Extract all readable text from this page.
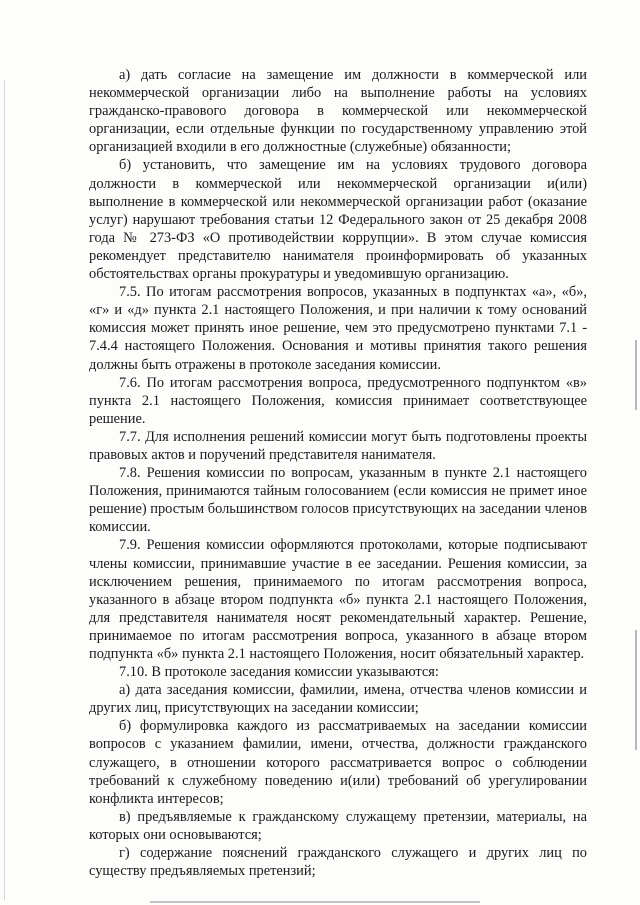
а) дать согласие на замещение им должности в коммерческой или некоммерческой организации либо на выполнение работы на условиях гражданско-правового договора в коммерческой или некоммерческой организации, если отдельные функции по государственному управлению этой организацией входили в его должностные (служебные) обязанности;

б) установить, что замещение им на условиях трудового договора должности в коммерческой или некоммерческой организации и(или) выполнение в коммерческой или некоммерческой организации работ (оказание услуг) нарушают требования статьи 12 Федерального закон от 25 декабря 2008 года № 273-ФЗ «О противодействии коррупции». В этом случае комиссия рекомендует представителю нанимателя проинформировать об указанных обстоятельствах органы прокуратуры и уведомившую организацию.

7.5. По итогам рассмотрения вопросов, указанных в подпунктах «а», «б», «г» и «д» пункта 2.1 настоящего Положения, и при наличии к тому оснований комиссия может принять иное решение, чем это предусмотрено пунктами 7.1 - 7.4.4 настоящего Положения. Основания и мотивы принятия такого решения должны быть отражены в протоколе заседания комиссии.

7.6. По итогам рассмотрения вопроса, предусмотренного подпунктом «в» пункта 2.1 настоящего Положения, комиссия принимает соответствующее решение.

7.7. Для исполнения решений комиссии могут быть подготовлены проекты правовых актов и поручений представителя нанимателя.

7.8. Решения комиссии по вопросам, указанным в пункте 2.1 настоящего Положения, принимаются тайным голосованием (если комиссия не примет иное решение) простым большинством голосов присутствующих на заседании членов комиссии.

7.9. Решения комиссии оформляются протоколами, которые подписывают члены комиссии, принимавшие участие в ее заседании. Решения комиссии, за исключением решения, принимаемого по итогам рассмотрения вопроса, указанного в абзаце втором подпункта «б» пункта 2.1 настоящего Положения, для представителя нанимателя носят рекомендательный характер. Решение, принимаемое по итогам рассмотрения вопроса, указанного в абзаце втором подпункта «б» пункта 2.1 настоящего Положения, носит обязательный характер.

7.10. В протоколе заседания комиссии указываются:

а) дата заседания комиссии, фамилии, имена, отчества членов комиссии и других лиц, присутствующих на заседании комиссии;

б) формулировка каждого из рассматриваемых на заседании комиссии вопросов с указанием фамилии, имени, отчества, должности гражданского служащего, в отношении которого рассматривается вопрос о соблюдении требований к служебному поведению и(или) требований об урегулировании конфликта интересов;

в) предъявляемые к гражданскому служащему претензии, материалы, на которых они основываются;

г) содержание пояснений гражданского служащего и других лиц по существу предъявляемых претензий;
